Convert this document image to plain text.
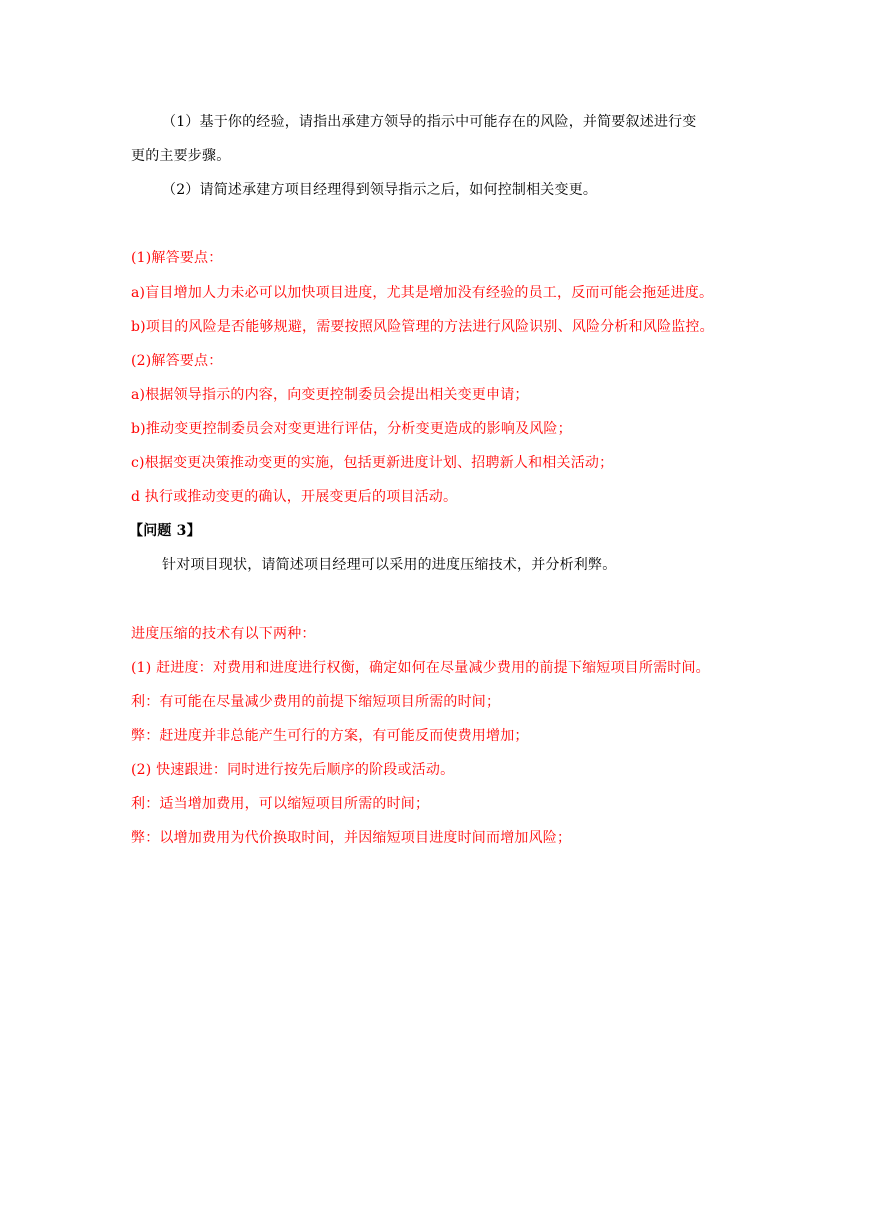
（1）基于你的经验，请指出承建方领导的指示中可能存在的风险，并简要叙述进行变
更的主要步骤。
（2）请简述承建方项目经理得到领导指示之后，如何控制相关变更。
(1)解答要点：
a)盲目增加人力未必可以加快项目进度，尤其是增加没有经验的员工，反而可能会拖延进度。
b)项目的风险是否能够规避，需要按照风险管理的方法进行风险识别、风险分析和风险监控。
(2)解答要点：
a)根据领导指示的内容，向变更控制委员会提出相关变更申请；
b)推动变更控制委员会对变更进行评估，分析变更造成的影响及风险；
c)根据变更决策推动变更的实施，包括更新进度计划、招聘新人和相关活动；
d 执行或推动变更的确认，开展变更后的项目活动。
【问题 3】
针对项目现状，请简述项目经理可以采用的进度压缩技术，并分析利弊。
进度压缩的技术有以下两种：
(1) 赶进度：对费用和进度进行权衡，确定如何在尽量减少费用的前提下缩短项目所需时间。
利：有可能在尽量减少费用的前提下缩短项目所需的时间；
弊：赶进度并非总能产生可行的方案，有可能反而使费用增加；
(2) 快速跟进：同时进行按先后顺序的阶段或活动。
利：适当增加费用，可以缩短项目所需的时间；
弊：以增加费用为代价换取时间，并因缩短项目进度时间而增加风险；
